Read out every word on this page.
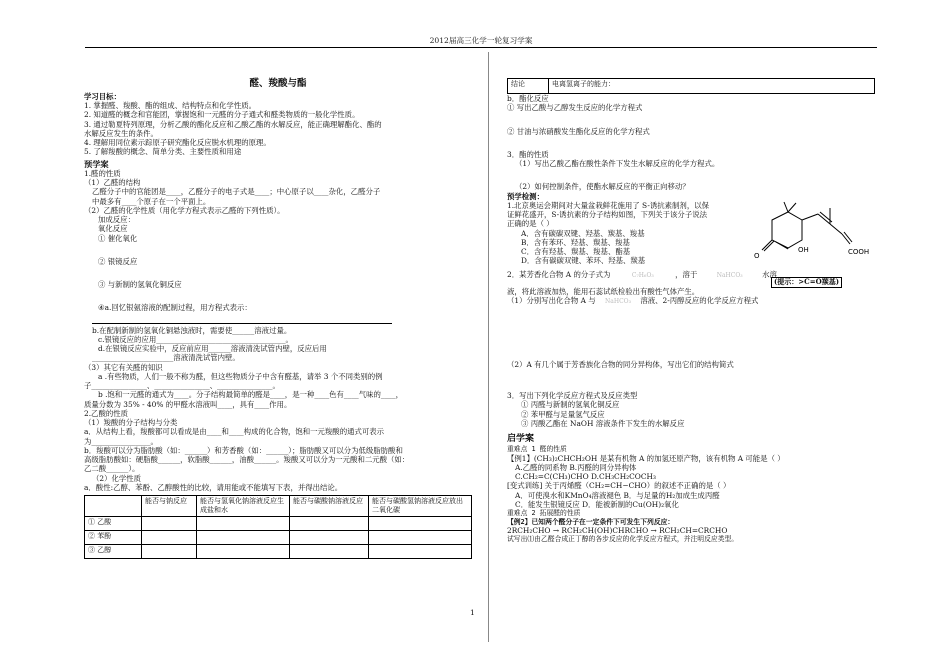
2012届高三化学一轮复习学案
醛、羧酸与酯
学习目标：
1. 掌握醛、羧酸、酯的组成、结构特点和化学性质。
2. 知道醛的概念和官能团，掌握饱和一元醛的分子通式和醛类物质的一般化学性质。
3. 通过勒夏特列原理，分析乙酸的酯化反应和乙酸乙酯的水解反应，能正确理解酯化、酯的
水解反应发生的条件。
4. 理解用同位素示踪原子研究酯化反应脱水机理的原理。
5. 了解羧酸的概念、简单分类、主要性质和用途
预学案
1.醛的性质
（1）乙醛的结构
乙醛分子中的官能团是____，乙醛分子的电子式是____；中心原子以____杂化，乙醛分子
中最多有____个原子在一个平面上。
（2）乙醛的化学性质（用化学方程式表示乙醛的下列性质）。
加成反应：
氧化反应
① 催化氧化
② 银镜反应
③ 与新制的氢氧化铜反应
④a.回忆银氨溶液的配制过程，用方程式表示：
b.在配制新制的氢氧化铜悬浊液时，需要使______溶液过量。
c.银镜反应的应用___________________________________。
d.在银镜反应实验中，反应前应用______溶液清洗试管内壁，反应后用
______________________溶液清洗试管内壁。
（3）其它有关醛的知识
a .有些物质，人们一般不称为醛，但这些物质分子中含有醛基，请举 3 个不同类别的例
子_______________、_______________、_______________。
b .饱和一元醛的通式为____。分子结构最简单的醛是____，是一种____色有____气味的____，
质量分数为 35% - 40% 的甲醛水溶液叫____，具有____作用。
2.乙酸的性质
（1）羧酸的分子结构与分类
a．从结构上看，羧酸都可以看成是由____和____构成的化合物，饱和一元羧酸的通式可表示
为________________。
b．羧酸可以分为脂肪酸（如：______）和芳香酸（如：______）；脂肪酸又可以分为低级脂肪酸和
高级脂肪酸如：硬脂酸______，软脂酸______，油酸______。羧酸又可以分为一元酸和二元酸（如：
乙二酸______）。
（2）化学性质
a．酸性:乙醇、苯酚、乙醇酸性的比较，请用能或不能填写下表，并得出结论。
	能否与钠反应	能否与氢氧化钠溶液反应生成盐和水	能否与碳酸钠溶液反应	能否与碳酸氢钠溶液反应放出二氧化碳
① 乙酸				
② 苯酚				
③ 乙醇				
结论	电离氢离子的能力：
b．酯化反应
① 写出乙酸与乙醇发生反应的化学方程式
② 甘油与浓硝酸发生酯化反应的化学方程式
3．酯的性质
（1）写出乙酸乙酯在酸性条件下发生水解反应的化学方程式。
（2）如何控制条件，使酯水解反应的平衡正向移动？
预学检测：
1.北京奥运会期间对大量盆栽鲜花施用了 S-诱抗素制剂，以保
证鲜花盛开，S-诱抗素的分子结构如图，下列关于该分子说法
正确的是（ ）
A．含有碳碳双键、羟基、羰基、羧基
B．含有苯环、羟基、羰基、羧基
C．含有羟基、羰基、羧基、酯基
D．含有碳碳双键、苯环、羟基、羰基
2．某芳香化合物 A 的分子式为	C₇H₆O₃	，溶于	NaHCO₃	水溶
液，将此溶液加热，能用石蕊试纸检验出有酸性气体产生。
（1）分别写出化合物 A 与 NaHCO₃ 溶液、2-丙醇反应的化学反应方程式
（2）A 有几个属于芳香族化合物的同分异构体，写出它们的结构简式
3．写出下列化学反应方程式及反应类型
① 丙醛与新制的氢氧化铜反应
② 苯甲醛与足量氢气反应
③ 丙酸乙酯在 NaOH 溶液条件下发生的水解反应
启学案
重难点 1 醛的性质
【例1】(CH₃)₂CHCH₂OH 是某有机物 A 的加氢还原产物，该有机物 A 可能是（ ）
A.乙醛的同系物 B.丙醛的同分异构体
C.CH₂=C(CH₃)CHO D.CH₃CH₂COCH₃
[变式训练] 关于丙烯醛（CH₂=CH−CHO）的叙述不正确的是（ ）
A．可使溴水和KMnO₄溶液褪色 B．与足量的H₂加成生成丙醛
C．能发生银镜反应 D．能被新制的Cu(OH)₂氧化
重难点 2 拓展醛的性质
【例2】已知两个醛分子在一定条件下可发生下列反应：
2RCH₂CHO → RCH₂CH(OH)CHRCHO → RCH₂CH=CRCHO
试写出⑴由乙醛合成正丁醇的各步反应的化学反应方程式，并注明反应类型。
OH	COOH
O
(提示：>C=O羰基)
1
